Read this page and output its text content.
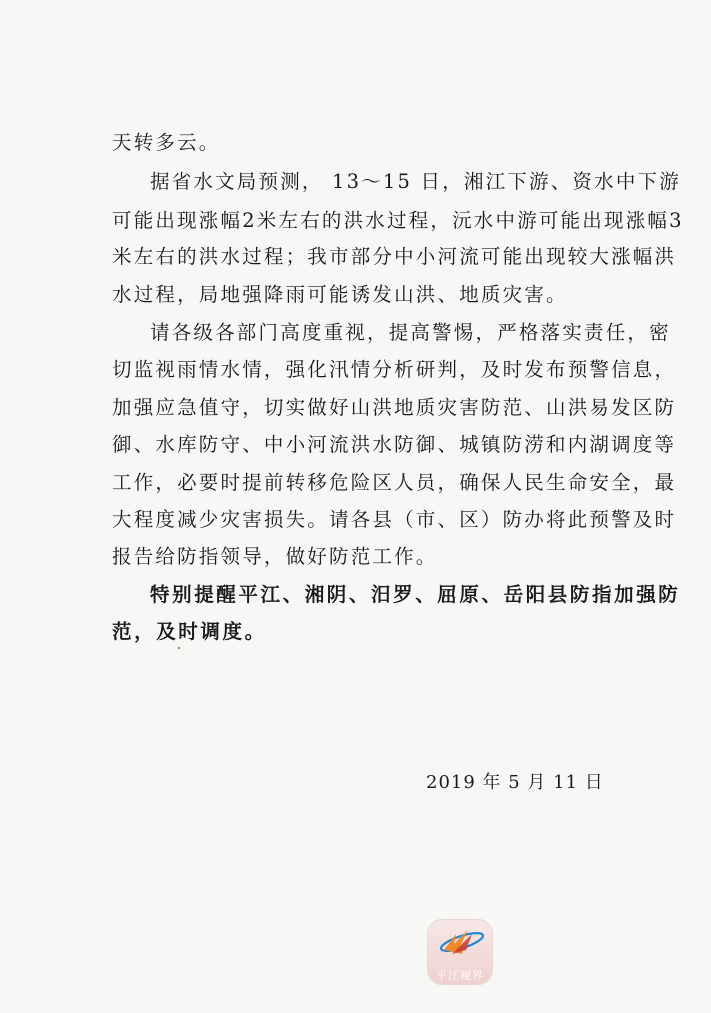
天转多云。
据省水文局预测， 13～15 日，湘江下游、资水中下游
可能出现涨幅2米左右的洪水过程，沅水中游可能出现涨幅3
米左右的洪水过程；我市部分中小河流可能出现较大涨幅洪
水过程，局地强降雨可能诱发山洪、地质灾害。
请各级各部门高度重视，提高警惕，严格落实责任，密
切监视雨情水情，强化汛情分析研判，及时发布预警信息，
加强应急值守，切实做好山洪地质灾害防范、山洪易发区防
御、水库防守、中小河流洪水防御、城镇防涝和内湖调度等
工作，必要时提前转移危险区人员，确保人民生命安全，最
大程度减少灾害损失。请各县（市、区）防办将此预警及时
报告给防指领导，做好防范工作。
特别提醒平江、湘阴、汨罗、屈原、岳阳县防指加强防
范，及时调度。
2019 年 5 月 11 日
平江视界
